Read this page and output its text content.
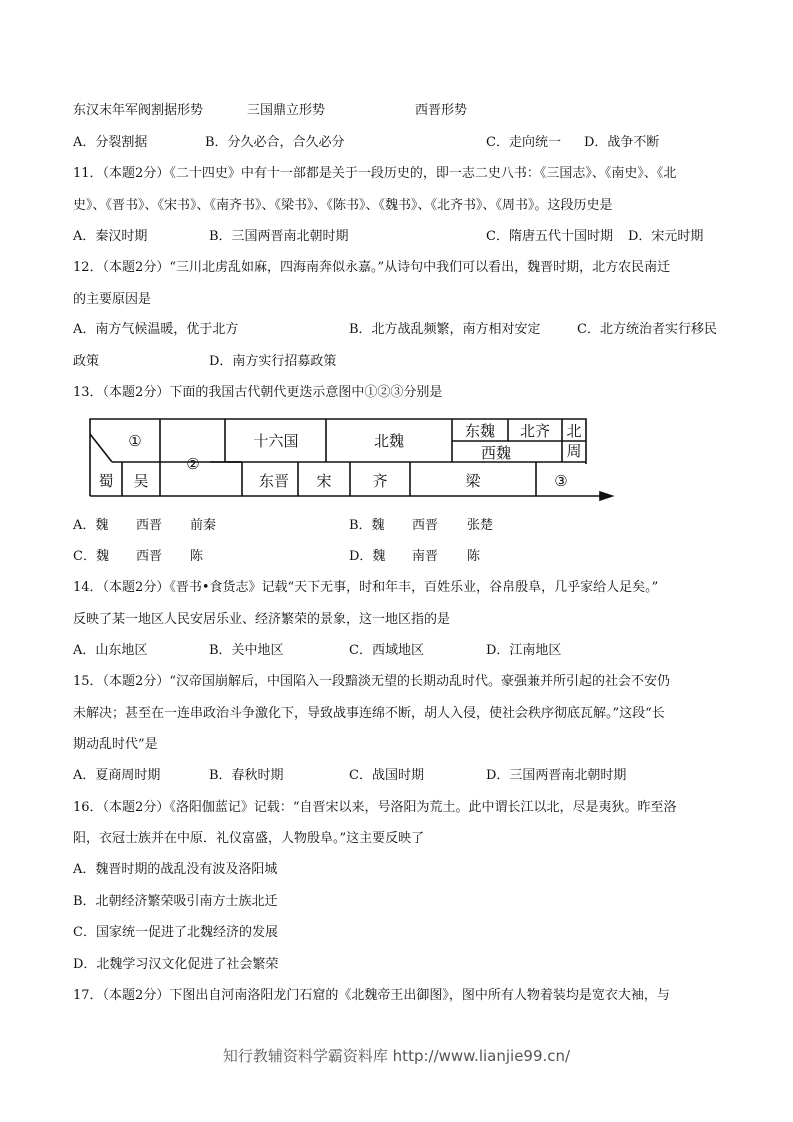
东汉末年军阀割据形势	三国鼎立形势	西晋形势
A．分裂割据	B．分久必合，合久必分	C．走向统一 D．战争不断
11．（本题2分）《二十四史》中有十一部都是关于一段历史的，即一志二史八书：《三国志》、《南史》、《北
史》、《晋书》、《宋书》、《南齐书》、《梁书》、《陈书》、《魏书》、《北齐书》、《周书》。这段历史是
A．秦汉时期	B．三国两晋南北朝时期	C．隋唐五代十国时期 D．宋元时期
12．（本题2分）“三川北虏乱如麻，四海南奔似永嘉。”从诗句中我们可以看出，魏晋时期，北方农民南迁
的主要原因是
A．南方气候温暖，优于北方	B．北方战乱频繁，南方相对安定	C．北方统治者实行移民
政策	D．南方实行招募政策
13．（本题2分）下面的我国古代朝代更迭示意图中①②③分别是
①
②
蜀 吴
十六国	北魏
东魏 北齐
西魏
北
周
东晋 宋	齐	梁	③
A．魏 西晋 前秦	B．魏 西晋 张楚
C．魏 西晋 陈	D．魏 南晋 陈
14．（本题2分）《晋书•食货志》记载“天下无事，时和年丰，百姓乐业，谷帛殷阜，几乎家给人足矣。”
反映了某一地区人民安居乐业、经济繁荣的景象，这一地区指的是
A．山东地区	B．关中地区	C．西域地区	D．江南地区
15．（本题2分）“汉帝国崩解后，中国陷入一段黯淡无望的长期动乱时代。豪强兼并所引起的社会不安仍
未解决；甚至在一连串政治斗争激化下，导致战事连绵不断，胡人入侵，使社会秩序彻底瓦解。”这段“长
期动乱时代”是
A．夏商周时期	B．春秋时期	C．战国时期	D．三国两晋南北朝时期
16．（本题2分）《洛阳伽蓝记》记载：“自晋宋以来，号洛阳为荒土。此中谓长江以北，尽是夷狄。昨至洛
阳，衣冠士族并在中原．礼仪富盛，人物殷阜。”这主要反映了
A．魏晋时期的战乱没有波及洛阳城
B．北朝经济繁荣吸引南方士族北迁
C．国家统一促进了北魏经济的发展
D．北魏学习汉文化促进了社会繁荣
17．（本题2分）下图出自河南洛阳龙门石窟的《北魏帝王出御图》，图中所有人物着装均是宽衣大袖，与
知行教辅资料学霸资料库 http://www.lianjie99.cn/
